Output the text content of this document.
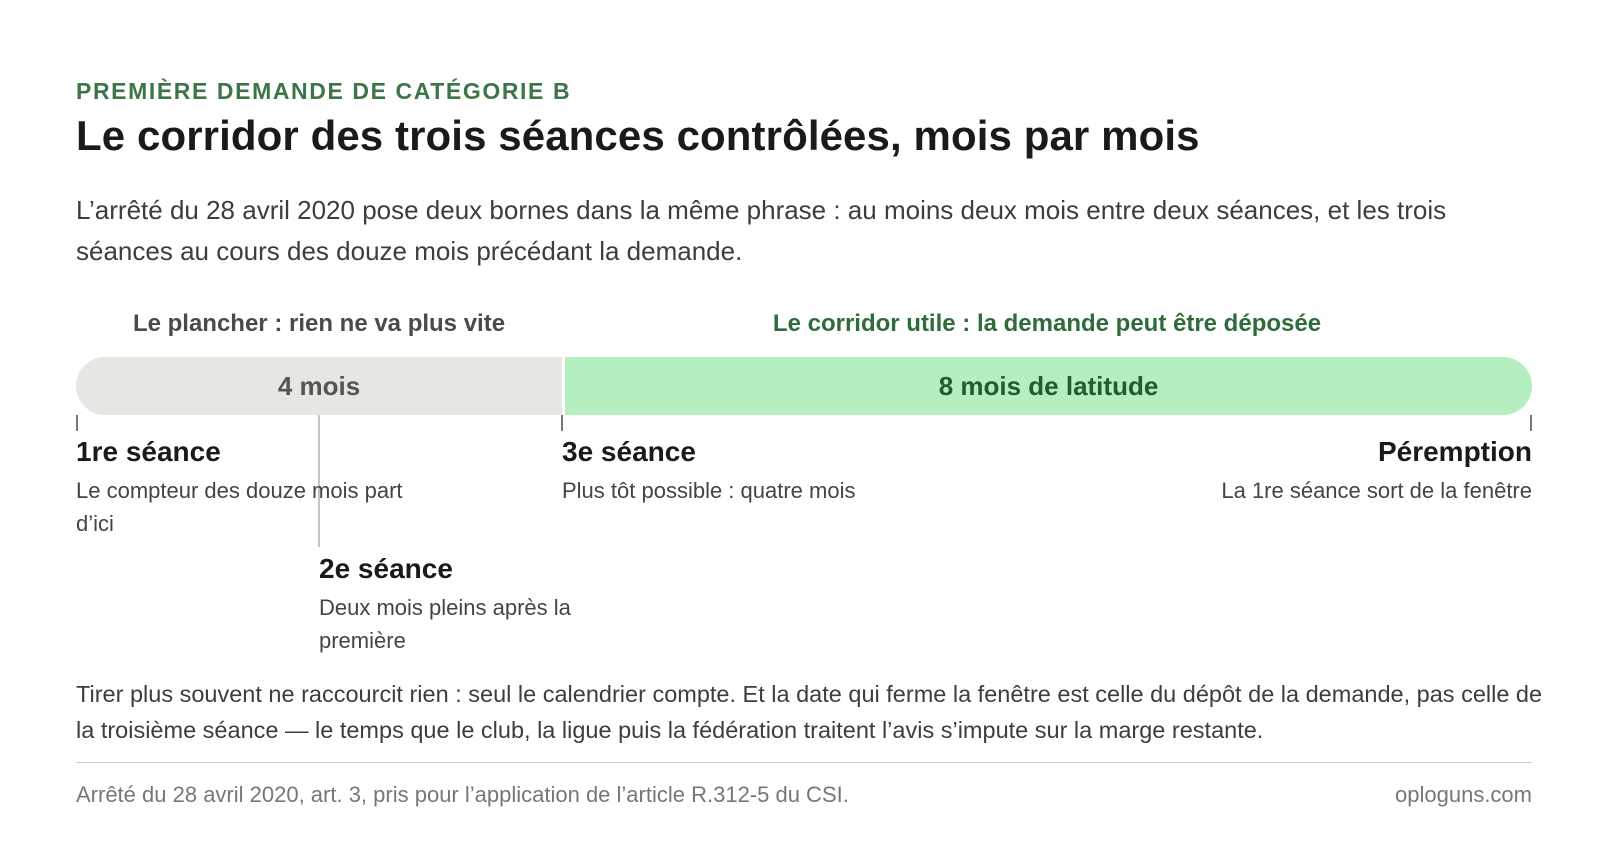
PREMIÈRE DEMANDE DE CATÉGORIE B
Le corridor des trois séances contrôlées, mois par mois
L’arrêté du 28 avril 2020 pose deux bornes dans la même phrase : au moins deux mois entre deux séances, et les trois séances au cours des douze mois précédant la demande.
Le plancher : rien ne va plus vite	Le corridor utile : la demande peut être déposée
4 mois	8 mois de latitude
1re séance
Le compteur des douze mois part d’ici
2e séance
Deux mois pleins après la première
3e séance
Plus tôt possible : quatre mois
Péremption
La 1re séance sort de la fenêtre
Tirer plus souvent ne raccourcit rien : seul le calendrier compte. Et la date qui ferme la fenêtre est celle du dépôt de la demande, pas celle de la troisième séance — le temps que le club, la ligue puis la fédération traitent l’avis s’impute sur la marge restante.
Arrêté du 28 avril 2020, art. 3, pris pour l’application de l’article R.312-5 du CSI.	oploguns.com
